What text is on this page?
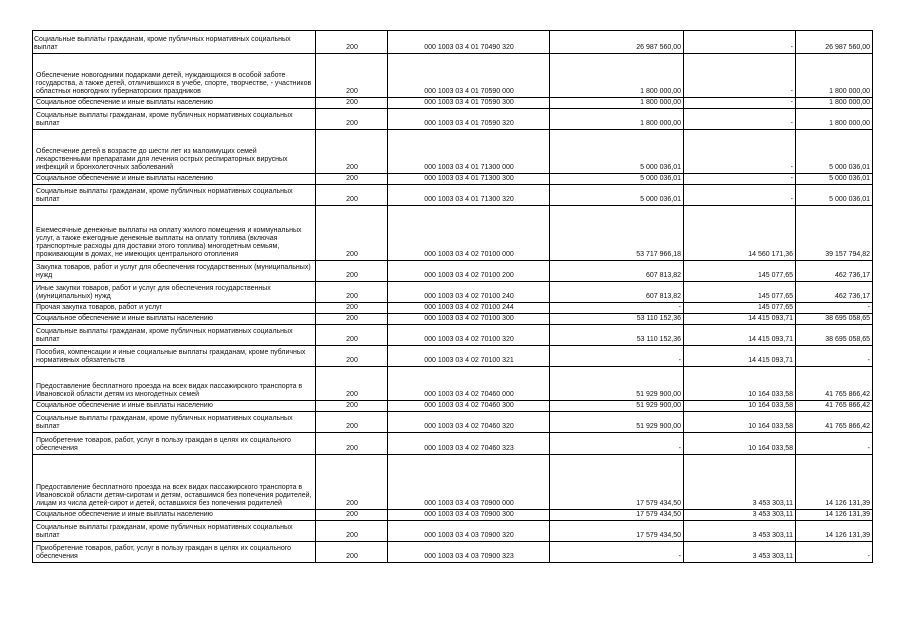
Социальные выплаты гражданам, кроме публичных нормативных социальных выплат	200	000 1003 03 4 01 70490 320	26 987 560,00	-	26 987 560,00
Обеспечение новогодними подарками детей, нуждающихся в особой заботе государства, а также детей, отличившихся в учебе, спорте, творчестве, - участников областных новогодних губернаторских праздников	200	000 1003 03 4 01 70590 000	1 800 000,00	-	1 800 000,00
Социальное обеспечение и иные выплаты населению	200	000 1003 03 4 01 70590 300	1 800 000,00	-	1 800 000,00
Социальные выплаты гражданам, кроме публичных нормативных социальных выплат	200	000 1003 03 4 01 70590 320	1 800 000,00	-	1 800 000,00
Обеспечение детей в возрасте до шести лет из малоимущих семей лекарственными препаратами для лечения острых респираторных вирусных инфекций и бронхолегочных заболеваний	200	000 1003 03 4 01 71300 000	5 000 036,01	-	5 000 036,01
Социальное обеспечение и иные выплаты населению	200	000 1003 03 4 01 71300 300	5 000 036,01	-	5 000 036,01
Социальные выплаты гражданам, кроме публичных нормативных социальных выплат	200	000 1003 03 4 01 71300 320	5 000 036,01	-	5 000 036,01
Ежемесячные денежные выплаты на оплату жилого помещения и коммунальных услуг, а также ежегодные денежные выплаты на оплату топлива (включая транспортные расходы для доставки этого топлива) многодетным семьям, проживающим в домах, не имеющих центрального отопления	200	000 1003 03 4 02 70100 000	53 717 966,18	14 560 171,36	39 157 794,82
Закупка товаров, работ и услуг для обеспечения государственных (муниципальных) нужд	200	000 1003 03 4 02 70100 200	607 813,82	145 077,65	462 736,17
Иные закупки товаров, работ и услуг для обеспечения государственных (муниципальных) нужд	200	000 1003 03 4 02 70100 240	607 813,82	145 077,65	462 736,17
Прочая закупка товаров, работ и услуг	200	000 1003 03 4 02 70100 244	-	145 077,65	-
Социальное обеспечение и иные выплаты населению	200	000 1003 03 4 02 70100 300	53 110 152,36	14 415 093,71	38 695 058,65
Социальные выплаты гражданам, кроме публичных нормативных социальных выплат	200	000 1003 03 4 02 70100 320	53 110 152,36	14 415 093,71	38 695 058,65
Пособия, компенсации и иные социальные выплаты гражданам, кроме публичных нормативных обязательств	200	000 1003 03 4 02 70100 321	-	14 415 093,71	-
Предоставление бесплатного проезда на всех видах пассажирского транспорта в Ивановской области детям из многодетных семей	200	000 1003 03 4 02 70460 000	51 929 900,00	10 164 033,58	41 765 866,42
Социальное обеспечение и иные выплаты населению	200	000 1003 03 4 02 70460 300	51 929 900,00	10 164 033,58	41 765 866,42
Социальные выплаты гражданам, кроме публичных нормативных социальных выплат	200	000 1003 03 4 02 70460 320	51 929 900,00	10 164 033,58	41 765 866,42
Приобретение товаров, работ, услуг в пользу граждан в целях их социального обеспечения	200	000 1003 03 4 02 70460 323	-	10 164 033,58	-
Предоставление бесплатного проезда на всех видах пассажирского транспорта в Ивановской области детям-сиротам и детям, оставшимся без попечения родителей, лицам из числа детей-сирот и детей, оставшихся без попечения родителей	200	000 1003 03 4 03 70900 000	17 579 434,50	3 453 303,11	14 126 131,39
Социальное обеспечение и иные выплаты населению	200	000 1003 03 4 03 70900 300	17 579 434,50	3 453 303,11	14 126 131,39
Социальные выплаты гражданам, кроме публичных нормативных социальных выплат	200	000 1003 03 4 03 70900 320	17 579 434,50	3 453 303,11	14 126 131,39
Приобретение товаров, работ, услуг в пользу граждан в целях их социального обеспечения	200	000 1003 03 4 03 70900 323	-	3 453 303,11	-
